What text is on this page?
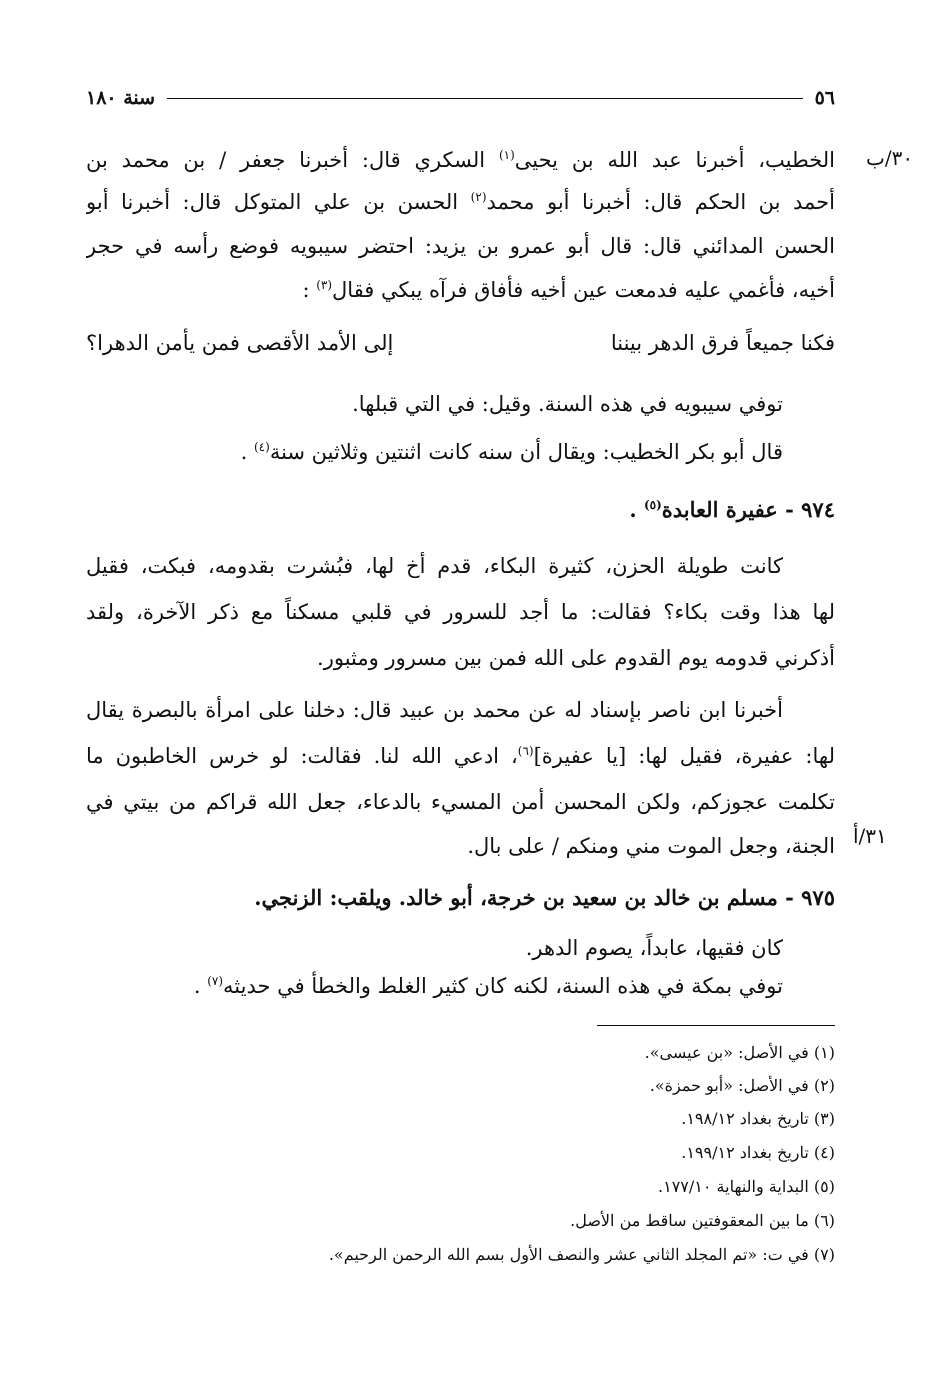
٥٦
سنة ١٨٠
٣٠/ب
٣١/أ
الخطيب، أخبرنا عبد الله بن يحيى$^{(١)}$ السكري قال: أخبرنا جعفر / بن محمد بن
أحمد بن الحكم قال: أخبرنا أبو محمد$^{(٢)}$ الحسن بن علي المتوكل قال: أخبرنا أبو
الحسن المدائني قال: قال أبو عمرو بن يزيد: احتضر سيبويه فوضع رأسه في حجر
أخيه، فأغمي عليه فدمعت عين أخيه فأفاق فرآه يبكي فقال$^{(٣)}$ :
فكنا جميعاً فرق الدهر بيننا
إلى الأمد الأقصى فمن يأمن الدهرا؟
توفي سيبويه في هذه السنة. وقيل: في التي قبلها.
قال أبو بكر الخطيب: ويقال أن سنه كانت اثنتين وثلاثين سنة$^{(٤)}$ .
٩٧٤ - عفيرة العابدة$^{(٥)}$ .
كانت طويلة الحزن، كثيرة البكاء، قدم أخ لها، فبُشرت بقدومه، فبكت، فقيل
لها هذا وقت بكاء؟ فقالت: ما أجد للسرور في قلبي مسكناً مع ذكر الآخرة، ولقد
أذكرني قدومه يوم القدوم على الله فمن بين مسرور ومثبور.
أخبرنا ابن ناصر بإسناد له عن محمد بن عبيد قال: دخلنا على امرأة بالبصرة يقال
لها: عفيرة، فقيل لها: [يا عفيرة]$^{(٦)}$، ادعي الله لنا. فقالت: لو خرس الخاطبون ما
تكلمت عجوزكم، ولكن المحسن أمن المسيء بالدعاء، جعل الله قراكم من بيتي في
الجنة، وجعل الموت مني ومنكم / على بال.
٩٧٥ - مسلم بن خالد بن سعيد بن خرجة، أبو خالد. ويلقب: الزنجي.
كان فقيها، عابداً، يصوم الدهر.
توفي بمكة في هذه السنة، لكنه كان كثير الغلط والخطأ في حديثه$^{(٧)}$ .
(١) في الأصل: «بن عيسى».
(٢) في الأصل: «أبو حمزة».
(٣) تاريخ بغداد ١٩٨/١٢.
(٤) تاريخ بغداد ١٩٩/١٢.
(٥) البداية والنهاية ١٧٧/١٠.
(٦) ما بين المعقوفتين ساقط من الأصل.
(٧) في ت: «تم المجلد الثاني عشر والنصف الأول بسم الله الرحمن الرحيم».
